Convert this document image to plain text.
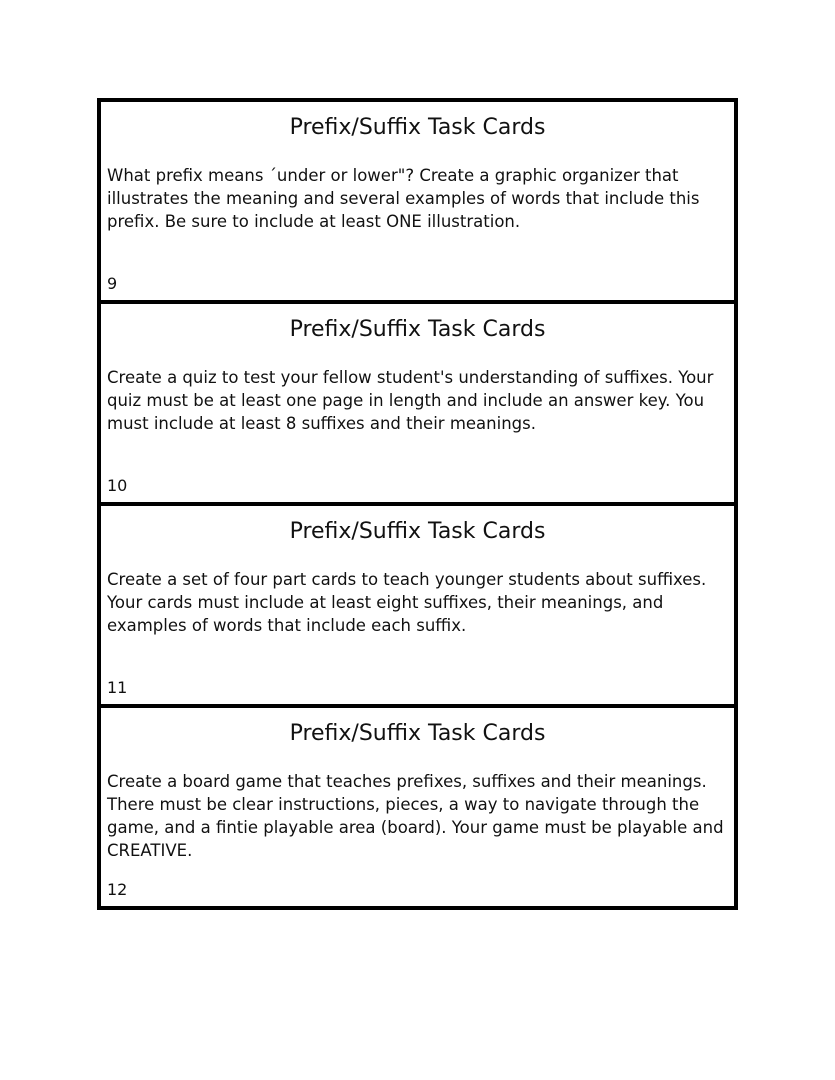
Prefix/Suffix Task Cards

What prefix means ´under or lower"? Create a graphic organizer that illustrates the meaning and several examples of words that include this prefix. Be sure to include at least ONE illustration.

9
Prefix/Suffix Task Cards

Create a quiz to test your fellow student's understanding of suffixes. Your quiz must be at least one page in length and include an answer key. You must include at least 8 suffixes and their meanings.

10
Prefix/Suffix Task Cards

Create a set of four part cards to teach younger students about suffixes. Your cards must include at least eight suffixes, their meanings, and examples of words that include each suffix.

11
Prefix/Suffix Task Cards

Create a board game that teaches prefixes, suffixes and their meanings. There must be clear instructions, pieces, a way to navigate through the game, and a fintie playable area (board). Your game must be playable and CREATIVE.

12
